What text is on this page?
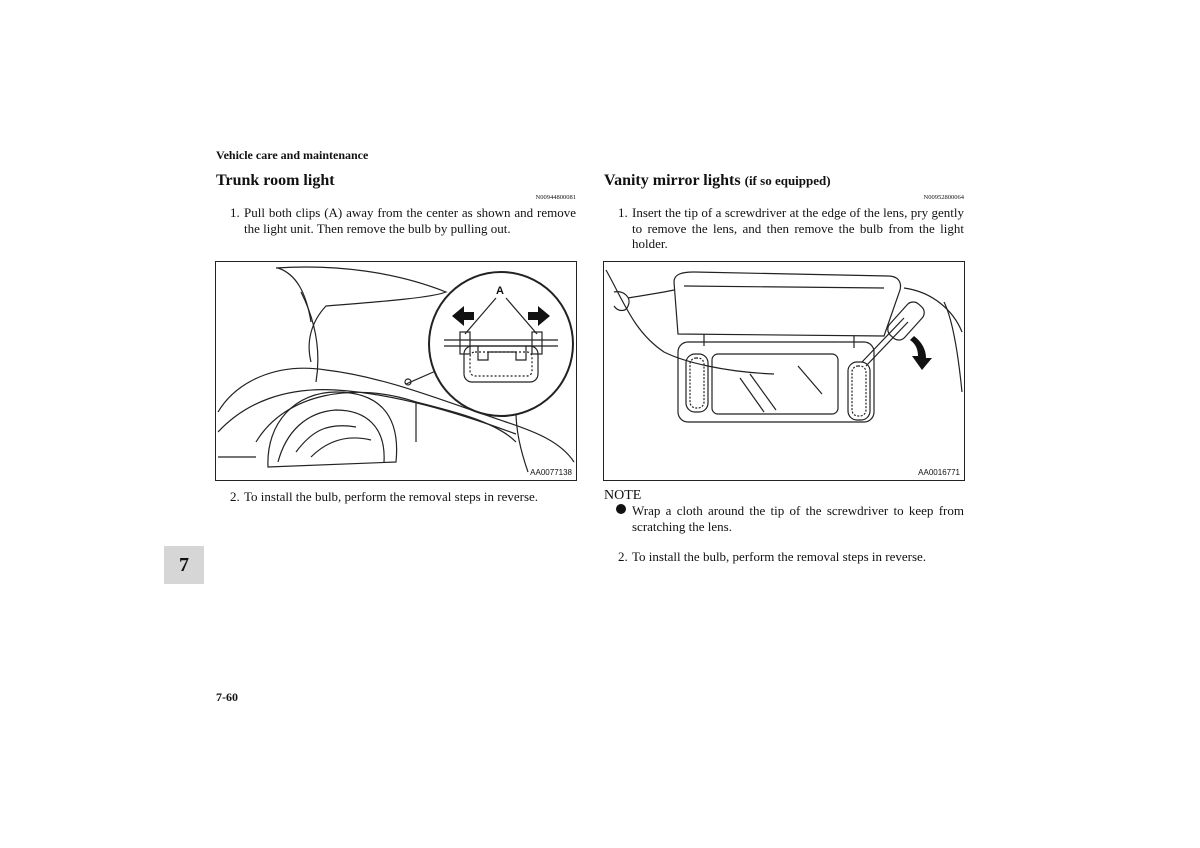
Vehicle care and maintenance
Trunk room light
N00944800081
1. Pull both clips (A) away from the center as shown and remove the light unit. Then remove the bulb by pulling out.
A
AA0077138
2. To install the bulb, perform the removal steps in reverse.
Vanity mirror lights (if so equipped)
N00952800064
1. Insert the tip of a screwdriver at the edge of the lens, pry gently to remove the lens, and then remove the bulb from the light holder.
AA0016771
NOTE
Wrap a cloth around the tip of the screwdriver to keep from scratching the lens.
2. To install the bulb, perform the removal steps in reverse.
7
7-60
